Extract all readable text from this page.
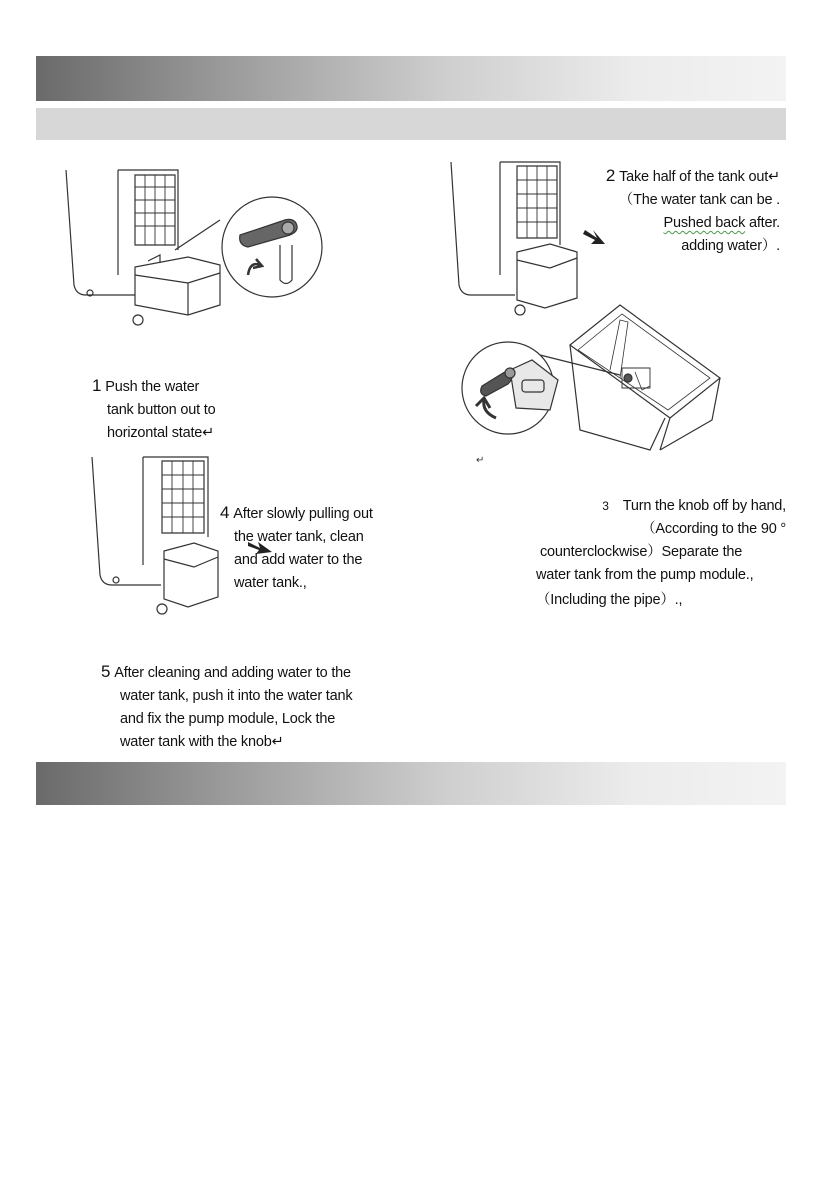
1 Push the water
tank button out to
horizontal state↵
2 Take half of the tank out↵
（The water tank can be .
Pushed back after.
adding water）.
↵
3 Turn the knob off by hand,
（According to the 90 °
counterclockwise）Separate the
water tank from the pump module.,
（Including the pipe）.,
4 After slowly pulling out
the water tank, clean
and add water to the
water tank.,
5 After cleaning and adding water to the
water tank, push it into the water tank
and fix the pump module, Lock the
water tank with the knob↵
